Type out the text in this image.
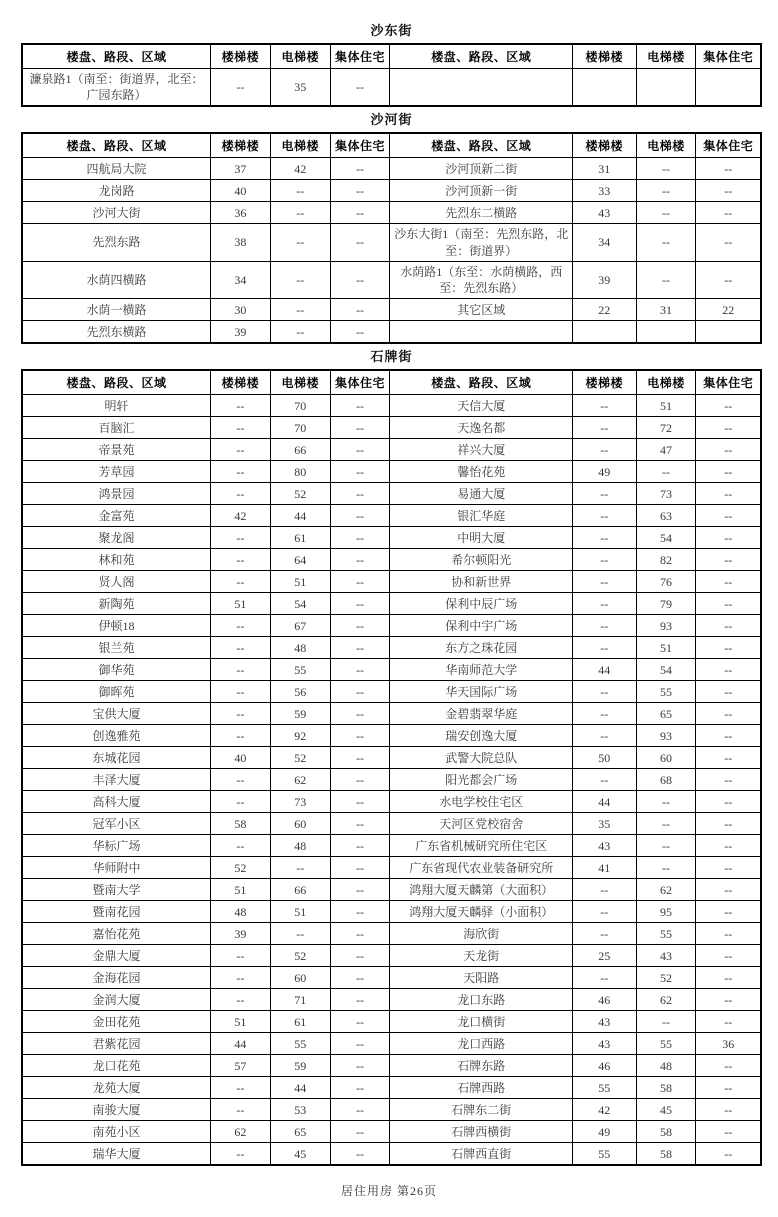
沙东街
楼盘、路段、区域	楼梯楼	电梯楼	集体住宅	楼盘、路段、区域	楼梯楼	电梯楼	集体住宅
濂泉路1（南至：街道界，北至：广园东路）	--	35	--				
沙河街
楼盘、路段、区域	楼梯楼	电梯楼	集体住宅	楼盘、路段、区域	楼梯楼	电梯楼	集体住宅
四航局大院	37	42	--	沙河顶新二街	31	--	--
龙岗路	40	--	--	沙河顶新一街	33	--	--
沙河大街	36	--	--	先烈东二横路	43	--	--
先烈东路	38	--	--	沙东大街1（南至：先烈东路，北至：街道界）	34	--	--
水荫四横路	34	--	--	水荫路1（东至：水荫横路，西至：先烈东路）	39	--	--
水荫一横路	30	--	--	其它区域	22	31	22
先烈东横路	39	--	--				
石牌街
楼盘、路段、区域	楼梯楼	电梯楼	集体住宅	楼盘、路段、区域	楼梯楼	电梯楼	集体住宅
明轩	--	70	--	天信大厦	--	51	--
百脑汇	--	70	--	天逸名都	--	72	--
帝景苑	--	66	--	祥兴大厦	--	47	--
芳草园	--	80	--	馨怡花苑	49	--	--
鸿景园	--	52	--	易通大厦	--	73	--
金富苑	42	44	--	银汇华庭	--	63	--
聚龙阁	--	61	--	中明大厦	--	54	--
林和苑	--	64	--	希尔顿阳光	--	82	--
贤人阁	--	51	--	协和新世界	--	76	--
新陶苑	51	54	--	保利中辰广场	--	79	--
伊顿18	--	67	--	保利中宇广场	--	93	--
银兰苑	--	48	--	东方之珠花园	--	51	--
御华苑	--	55	--	华南师范大学	44	54	--
御晖苑	--	56	--	华天国际广场	--	55	--
宝供大厦	--	59	--	金碧翡翠华庭	--	65	--
创逸雅苑	--	92	--	瑞安创逸大厦	--	93	--
东城花园	40	52	--	武警大院总队	50	60	--
丰泽大厦	--	62	--	阳光都会广场	--	68	--
高科大厦	--	73	--	水电学校住宅区	44	--	--
冠军小区	58	60	--	天河区党校宿舍	35	--	--
华标广场	--	48	--	广东省机械研究所住宅区	43	--	--
华师附中	52	--	--	广东省现代农业装备研究所	41	--	--
暨南大学	51	66	--	鸿翔大厦天麟第（大面积）	--	62	--
暨南花园	48	51	--	鸿翔大厦天麟驿（小面积）	--	95	--
嘉怡花苑	39	--	--	海欣街	--	55	--
金鼎大厦	--	52	--	天龙街	25	43	--
金海花园	--	60	--	天阳路	--	52	--
金润大厦	--	71	--	龙口东路	46	62	--
金田花苑	51	61	--	龙口横街	43	--	--
君紫花园	44	55	--	龙口西路	43	55	36
龙口花苑	57	59	--	石牌东路	46	48	--
龙苑大厦	--	44	--	石牌西路	55	58	--
南骏大厦	--	53	--	石牌东二街	42	45	--
南苑小区	62	65	--	石牌西横街	49	58	--
瑞华大厦	--	45	--	石牌西直街	55	58	--
居住用房 第26页
